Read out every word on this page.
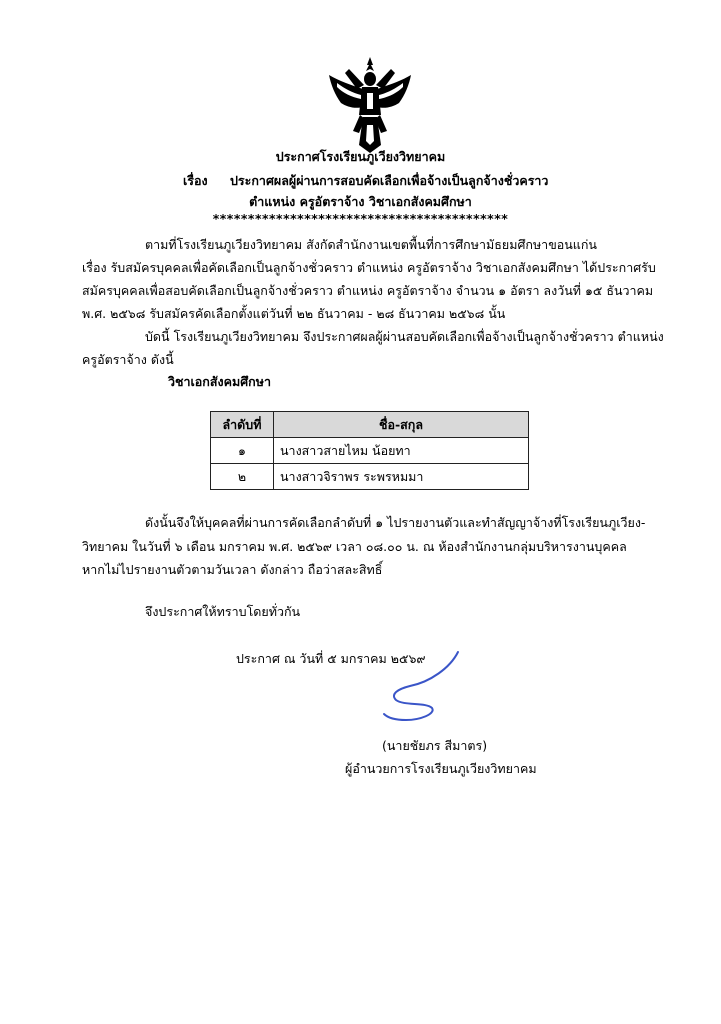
ประกาศโรงเรียนภูเวียงวิทยาคม
เรื่อง ประกาศผลผู้ผ่านการสอบคัดเลือกเพื่อจ้างเป็นลูกจ้างชั่วคราว
ตำแหน่ง ครูอัตราจ้าง วิชาเอกสังคมศึกษา
******************************************
ตามที่โรงเรียนภูเวียงวิทยาคม สังกัดสำนักงานเขตพื้นที่การศึกษามัธยมศึกษาขอนแก่น
เรื่อง รับสมัครบุคคลเพื่อคัดเลือกเป็นลูกจ้างชั่วคราว ตำแหน่ง ครูอัตราจ้าง วิชาเอกสังคมศึกษา ได้ประกาศรับ
สมัครบุคคลเพื่อสอบคัดเลือกเป็นลูกจ้างชั่วคราว ตำแหน่ง ครูอัตราจ้าง จำนวน ๑ อัตรา ลงวันที่ ๑๕ ธันวาคม
พ.ศ. ๒๕๖๘ รับสมัครคัดเลือกตั้งแต่วันที่ ๒๒ ธันวาคม - ๒๘ ธันวาคม ๒๕๖๘ นั้น
บัดนี้ โรงเรียนภูเวียงวิทยาคม จึงประกาศผลผู้ผ่านสอบคัดเลือกเพื่อจ้างเป็นลูกจ้างชั่วคราว ตำแหน่ง
ครูอัตราจ้าง ดังนี้
วิชาเอกสังคมศึกษา
ลำดับที่	ชื่อ-สกุล
๑	นางสาวสายไหม น้อยทา
๒	นางสาวจิราพร ระพรหมมา
ดังนั้นจึงให้บุคคลที่ผ่านการคัดเลือกลำดับที่ ๑ ไปรายงานตัวและทำสัญญาจ้างที่โรงเรียนภูเวียง-
วิทยาคม ในวันที่ ๖ เดือน มกราคม พ.ศ. ๒๕๖๙ เวลา ๐๘.๐๐ น. ณ ห้องสำนักงานกลุ่มบริหารงานบุคคล
หากไม่ไปรายงานตัวตามวันเวลา ดังกล่าว ถือว่าสละสิทธิ์
จึงประกาศให้ทราบโดยทั่วกัน
ประกาศ ณ วันที่ ๕ มกราคม ๒๕๖๙
(นายชัยภร สีมาตร)
ผู้อำนวยการโรงเรียนภูเวียงวิทยาคม
